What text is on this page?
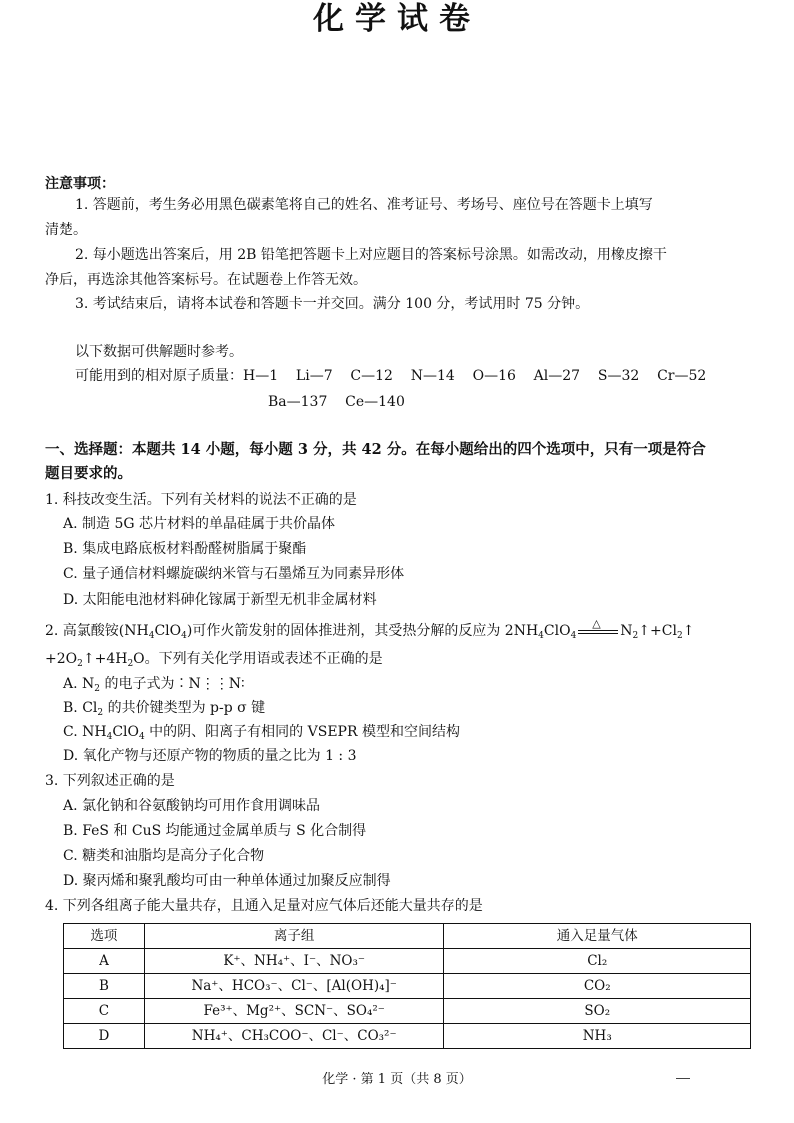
化学试卷
注意事项：
1. 答题前，考生务必用黑色碳素笔将自己的姓名、准考证号、考场号、座位号在答题卡上填写
清楚。
2. 每小题选出答案后，用 2B 铅笔把答题卡上对应题目的答案标号涂黑。如需改动，用橡皮擦干
净后，再选涂其他答案标号。在试题卷上作答无效。
3. 考试结束后，请将本试卷和答题卡一并交回。满分 100 分，考试用时 75 分钟。
以下数据可供解题时参考。
可能用到的相对原子质量：H—1    Li—7    C—12    N—14    O—16    Al—27    S—32    Cr—52
Ba—137    Ce—140
一、选择题：本题共 14 小题，每小题 3 分，共 42 分。在每小题给出的四个选项中，只有一项是符合
题目要求的。
1. 科技改变生活。下列有关材料的说法不正确的是
A. 制造 5G 芯片材料的单晶硅属于共价晶体
B. 集成电路底板材料酚醛树脂属于聚酯
C. 量子通信材料螺旋碳纳米管与石墨烯互为同素异形体
D. 太阳能电池材料砷化镓属于新型无机非金属材料
2. 高氯酸铵$(NH_4ClO_4)$可作火箭发射的固体推进剂，其受热分解的反应为 $2NH_4ClO_4$
△ $N_2↑+Cl_2↑$
$+2O_2↑+4H_2O$。下列有关化学用语或表述不正确的是
A. $N_2$ 的电子式为∶N⋮⋮N∶
B. $Cl_2$ 的共价键类型为 p-p σ 键
C. $NH_4ClO_4$ 中的阴、阳离子有相同的 VSEPR 模型和空间结构
D. 氧化产物与还原产物的物质的量之比为 1 : 3
3. 下列叙述正确的是
A. 氯化钠和谷氨酸钠均可用作食用调味品
B. FeS 和 CuS 均能通过金属单质与 S 化合制得
C. 糖类和油脂均是高分子化合物
D. 聚丙烯和聚乳酸均可由一种单体通过加聚反应制得
4. 下列各组离子能大量共存，且通入足量对应气体后还能大量共存的是
选项	离子组	通入足量气体
A	K⁺、NH₄⁺、I⁻、NO₃⁻	Cl₂
B	Na⁺、HCO₃⁻、Cl⁻、[Al(OH)₄]⁻	CO₂
C	Fe³⁺、Mg²⁺、SCN⁻、SO₄²⁻	SO₂
D	NH₄⁺、CH₃COO⁻、Cl⁻、CO₃²⁻	NH₃
化学 · 第 1 页（共 8 页）
